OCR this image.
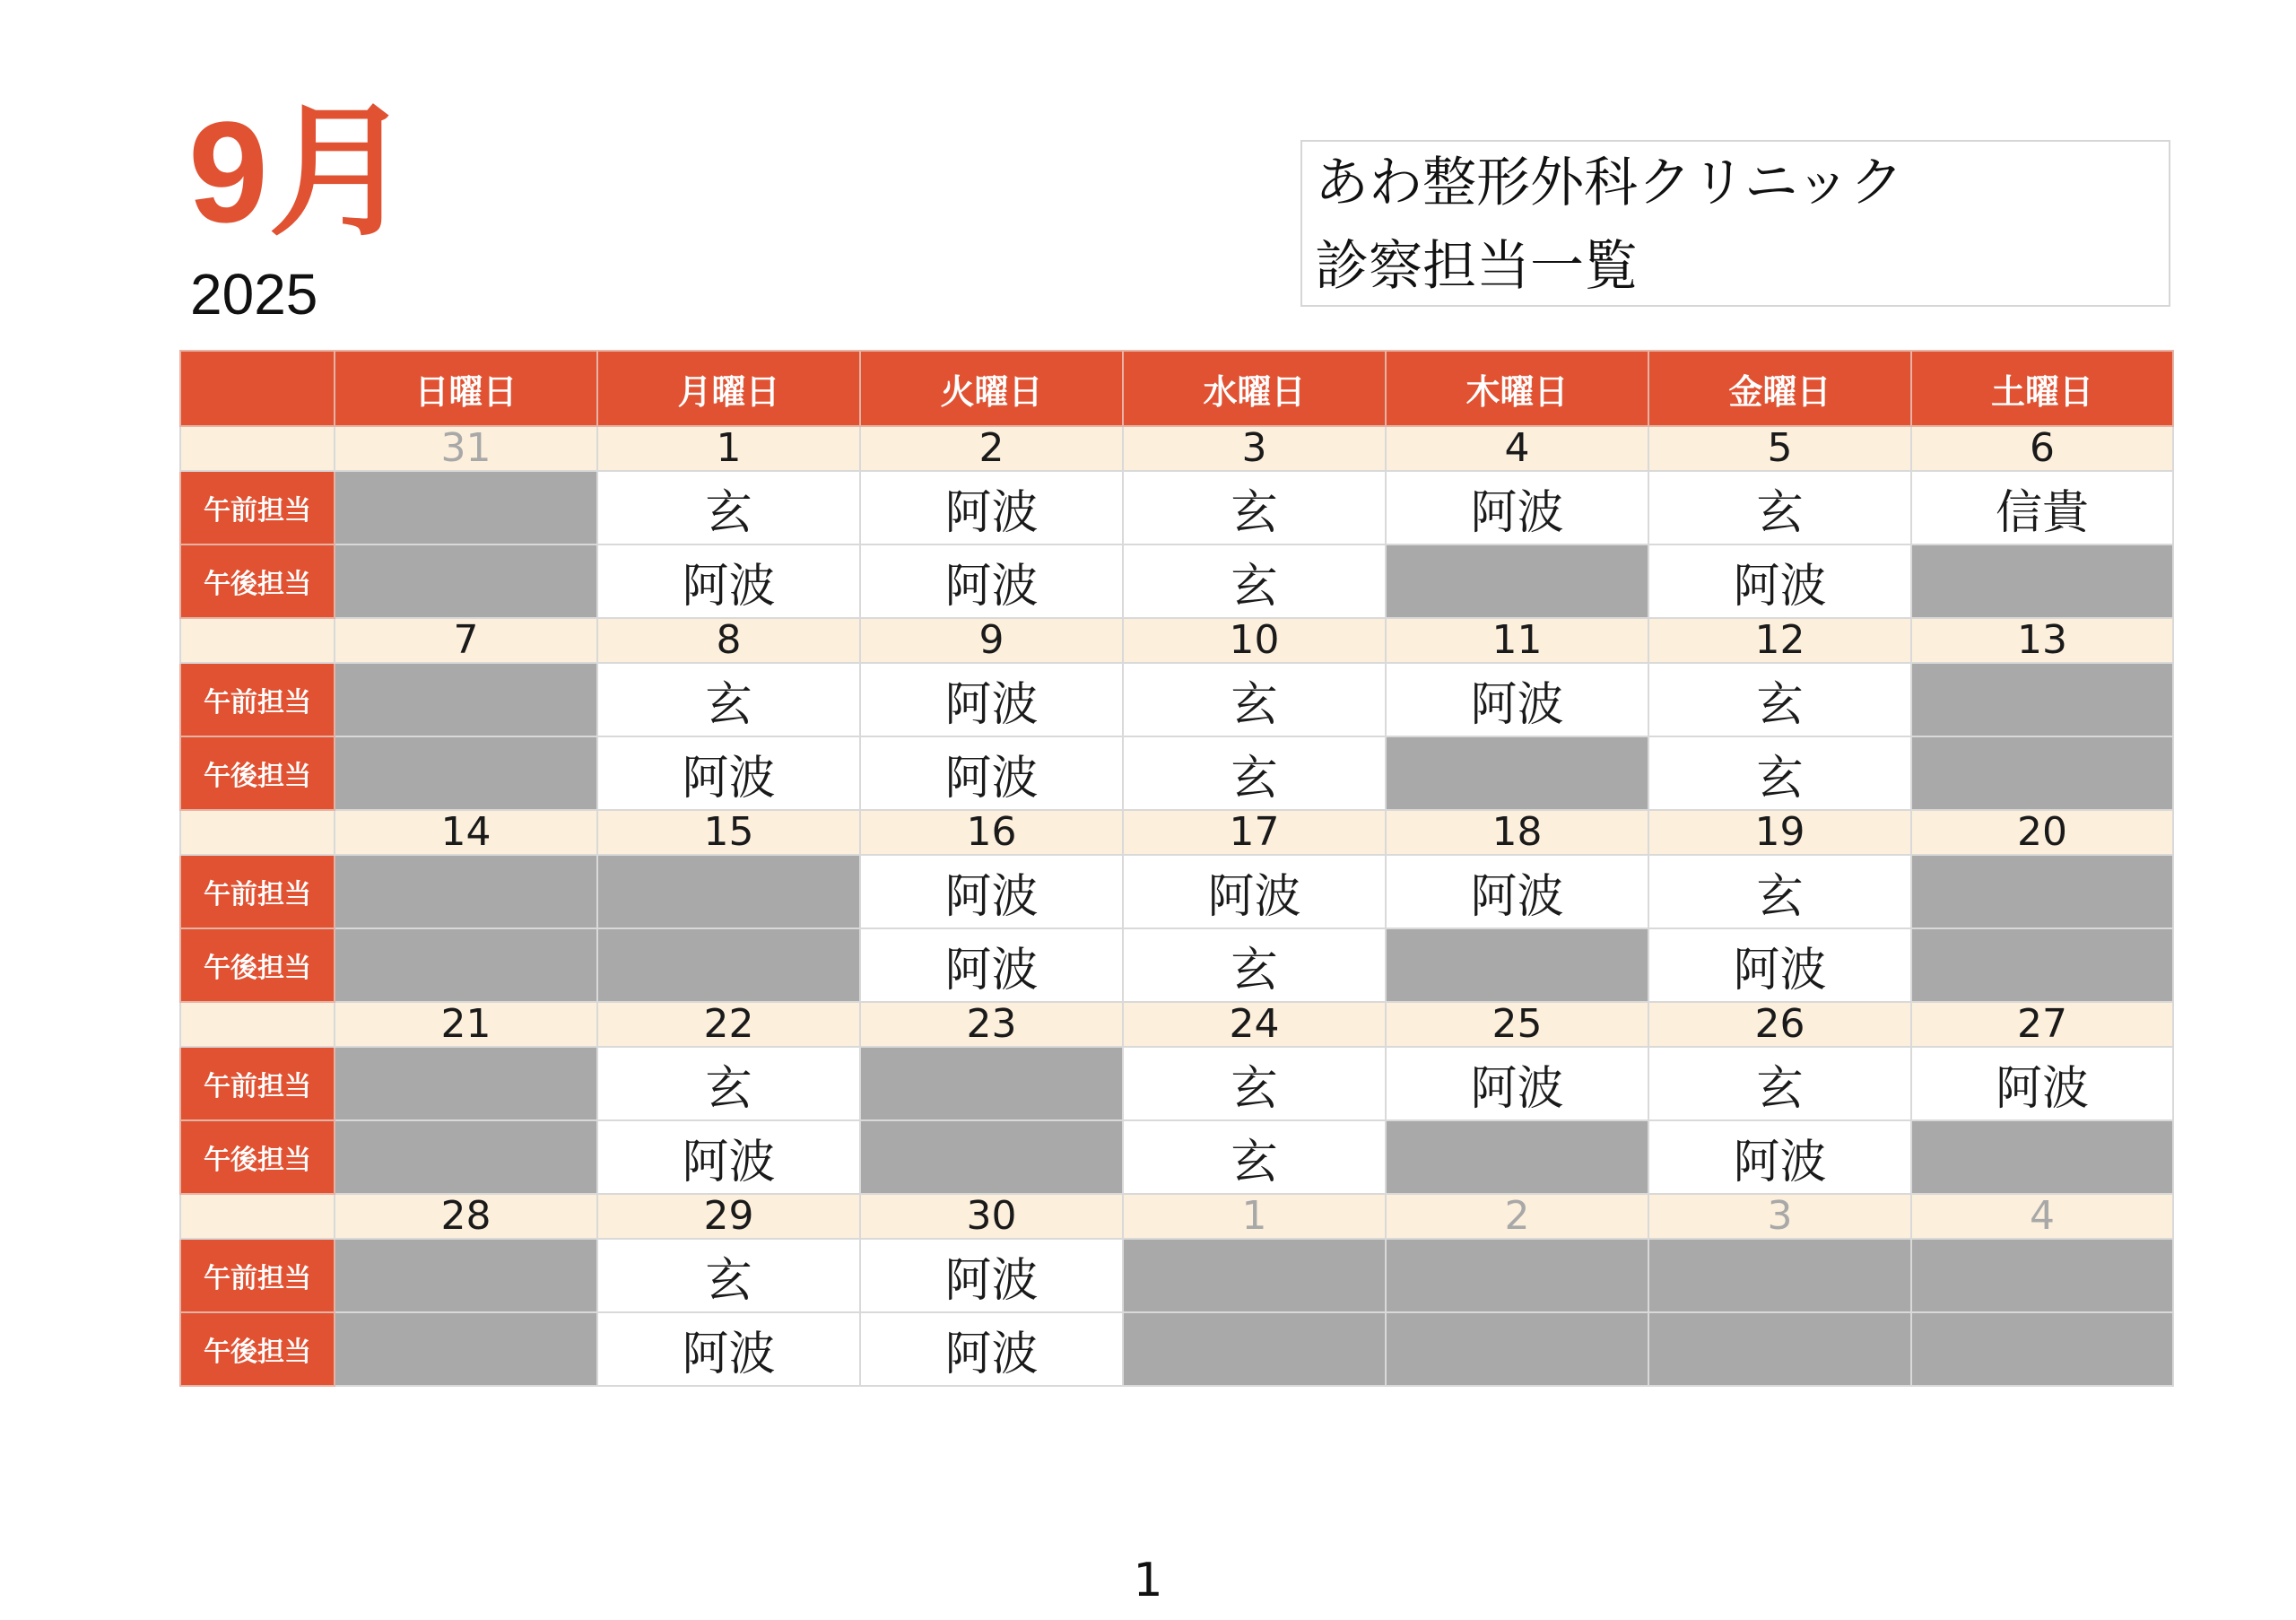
9月
2025
あわ整形外科クリニック
診察担当一覧
	日曜日	月曜日	火曜日	水曜日	木曜日	金曜日	土曜日
	31	1	2	3	4	5	6
午前担当		玄	阿波	玄	阿波	玄	信貴
午後担当		阿波	阿波	玄		阿波	
	7	8	9	10	11	12	13
午前担当		玄	阿波	玄	阿波	玄	
午後担当		阿波	阿波	玄		玄	
	14	15	16	17	18	19	20
午前担当			阿波	阿波	阿波	玄	
午後担当			阿波	玄		阿波	
	21	22	23	24	25	26	27
午前担当		玄		玄	阿波	玄	阿波
午後担当		阿波		玄		阿波	
	28	29	30	1	2	3	4
午前担当		玄	阿波				
午後担当		阿波	阿波				
1
